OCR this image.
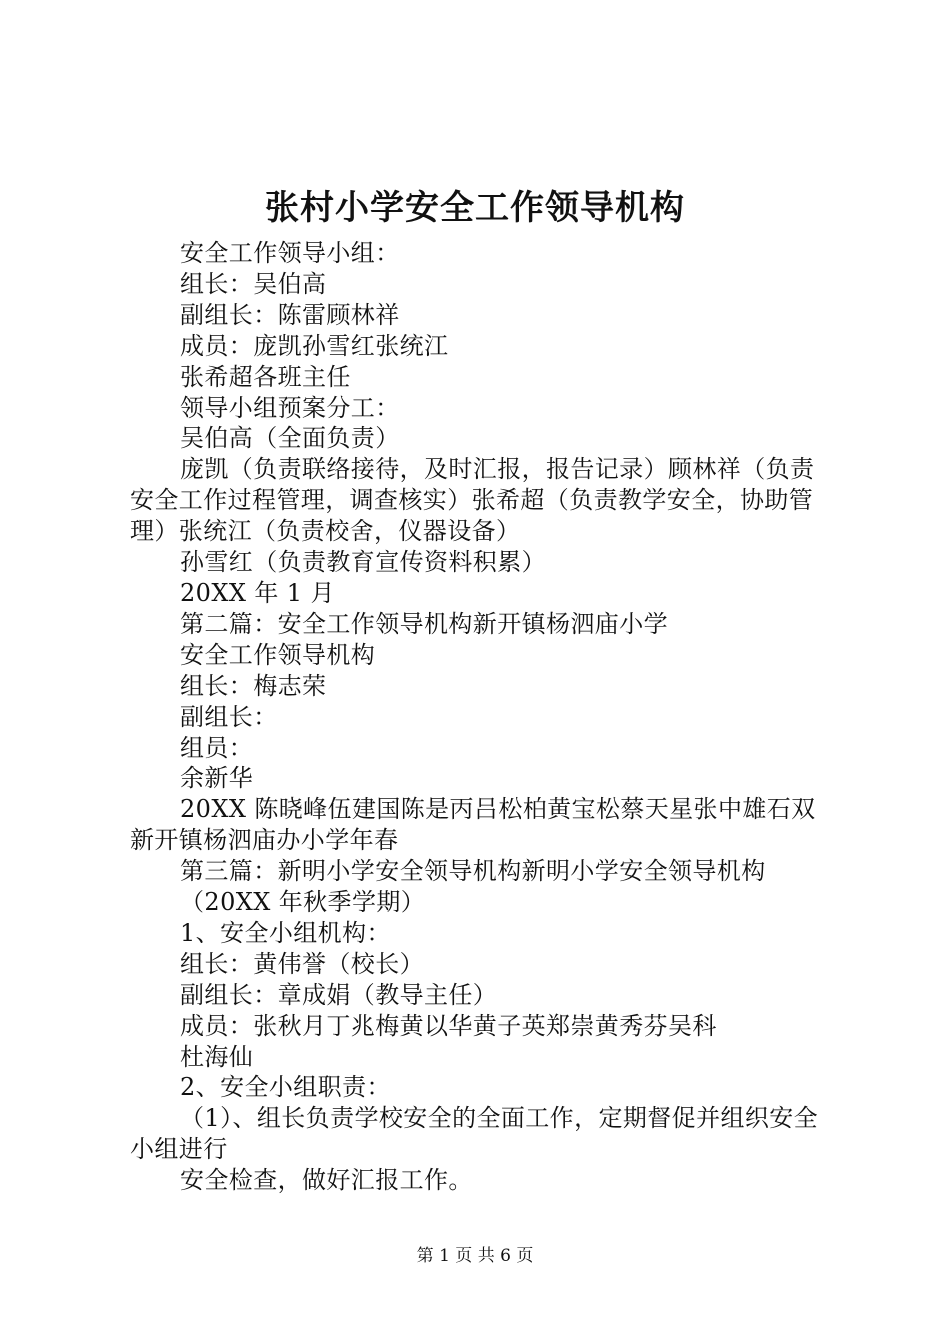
张村小学安全工作领导机构

安全工作领导小组：

组长：吴伯高

副组长：陈雷顾林祥

成员：庞凯孙雪红张统江

张希超各班主任

领导小组预案分工：

吴伯高（全面负责）

庞凯（负责联络接待，及时汇报，报告记录）顾林祥（负责安全工作过程管理，调查核实）张希超（负责教学安全，协助管理）张统江（负责校舍，仪器设备）

孙雪红（负责教育宣传资料积累）

20XX 年 1 月

第二篇：安全工作领导机构新开镇杨泗庙小学

安全工作领导机构

组长：梅志荣

副组长：

组员：

余新华

20XX 陈晓峰伍建国陈是丙吕松柏黄宝松蔡天星张中雄石双新开镇杨泗庙办小学年春

第三篇：新明小学安全领导机构新明小学安全领导机构

（20XX 年秋季学期）

1、安全小组机构：

组长：黄伟誉（校长）

副组长：章成娟（教导主任）

成员：张秋月丁兆梅黄以华黄子英郑崇黄秀芬吴科

杜海仙

2、安全小组职责：

（1）、组长负责学校安全的全面工作，定期督促并组织安全小组进行

安全检查，做好汇报工作。

第 1 页 共 6 页
